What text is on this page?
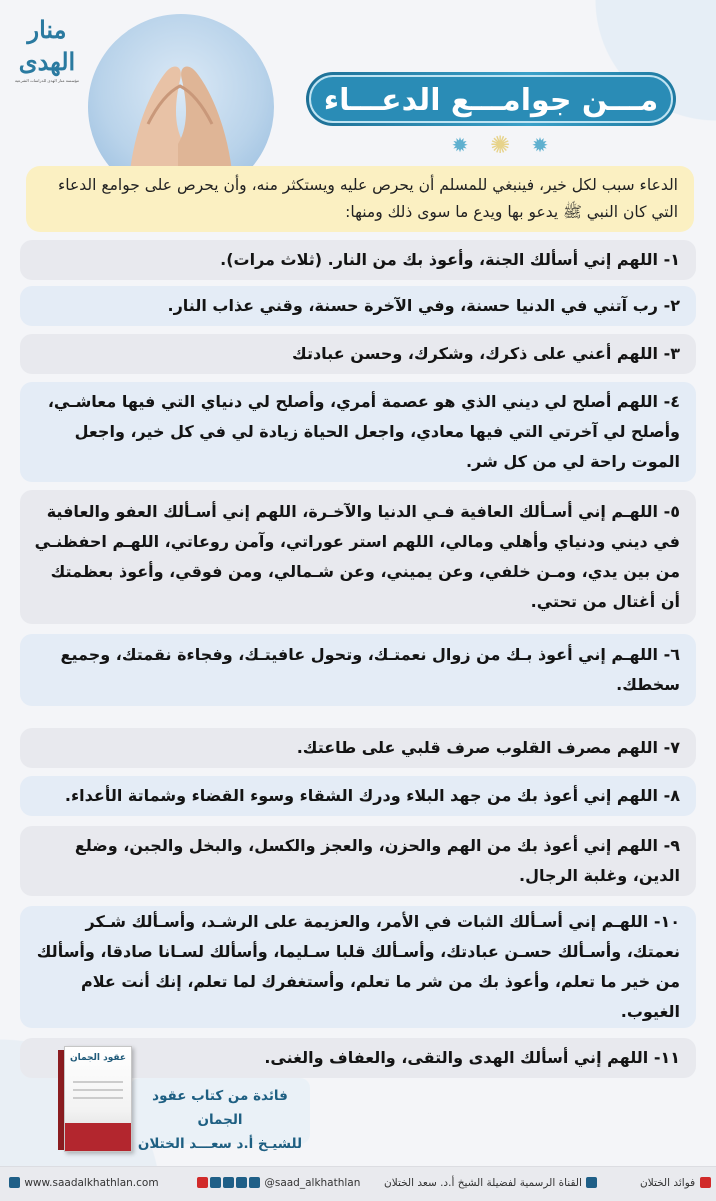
منار الهدى
مؤسسة منار الهدى للدراسات الشرعية
مـــن جوامـــع الدعـــاء
✹ ✺ ✹
الدعاء سبب لكل خير، فينبغي للمسلم أن يحرص عليه ويستكثر منه، وأن يحرص على جوامع الدعاء التي كان النبي ﷺ يدعو بها ويدع ما سوى ذلك ومنها:
١- اللهم إني أسألك الجنة، وأعوذ بك من النار. (ثلاث مرات).
٢- رب آتني في الدنيا حسنة، وفي الآخرة حسنة، وقني عذاب النار.
٣- اللهم أعني على ذكرك، وشكرك، وحسن عبادتك
٤- اللهم أصلح لي ديني الذي هو عصمة أمري، وأصلح لي دنياي التي فيها معاشـي، وأصلح لي آخرتي التي فيها معادي، واجعل الحياة زيادة لي في كل خير، واجعل الموت راحة لي من كل شر.
٥- اللهـم إني أسـألك العافية فـي الدنيا والآخـرة، اللهم إني أسـألك العفو والعافية في ديني ودنياي وأهلي ومالي، اللهم استر عوراتي، وآمن روعاتي، اللهـم احفظنـي من بين يدي، ومـن خلفي، وعن يميني، وعن شـمالي، ومن فوقي، وأعوذ بعظمتك أن أغتال من تحتي.
٦- اللهـم إني أعوذ بـك من زوال نعمتـك، وتحول عافيتـك، وفجاءة نقمتك، وجميع سخطك.
٧- اللهم مصرف القلوب صرف قلبي على طاعتك.
٨- اللهم إني أعوذ بك من جهد البلاء ودرك الشقاء وسوء القضاء وشماتة الأعداء.
٩- اللهم إني أعوذ بك من الهم والحزن، والعجز والكسل، والبخل والجبن، وضلع الدين، وغلبة الرجال.
١٠- اللهـم إني أسـألك الثبات في الأمر، والعزيمة على الرشـد، وأسـألك شـكر نعمتك، وأسـألك حسـن عبادتك، وأسـألك قلبا سـليما، وأسألك لسـانا صادقا، وأسألك من خير ما تعلم، وأعوذ بك من شر ما تعلم، وأستغفرك لما تعلم، إنك أنت علام الغيوب.
١١- اللهم إني أسألك الهدى والتقى، والعفاف والغنى.
فائدة من كتاب عقود الجمان
للشيـخ أ.د سعـــد الختلان
عقود الجمان
www.saadalkhathlan.com	@saad_alkhathlan القناة الرسمية لفضيلة الشيخ أ.د. سعد الختلان	فوائد الختلان
